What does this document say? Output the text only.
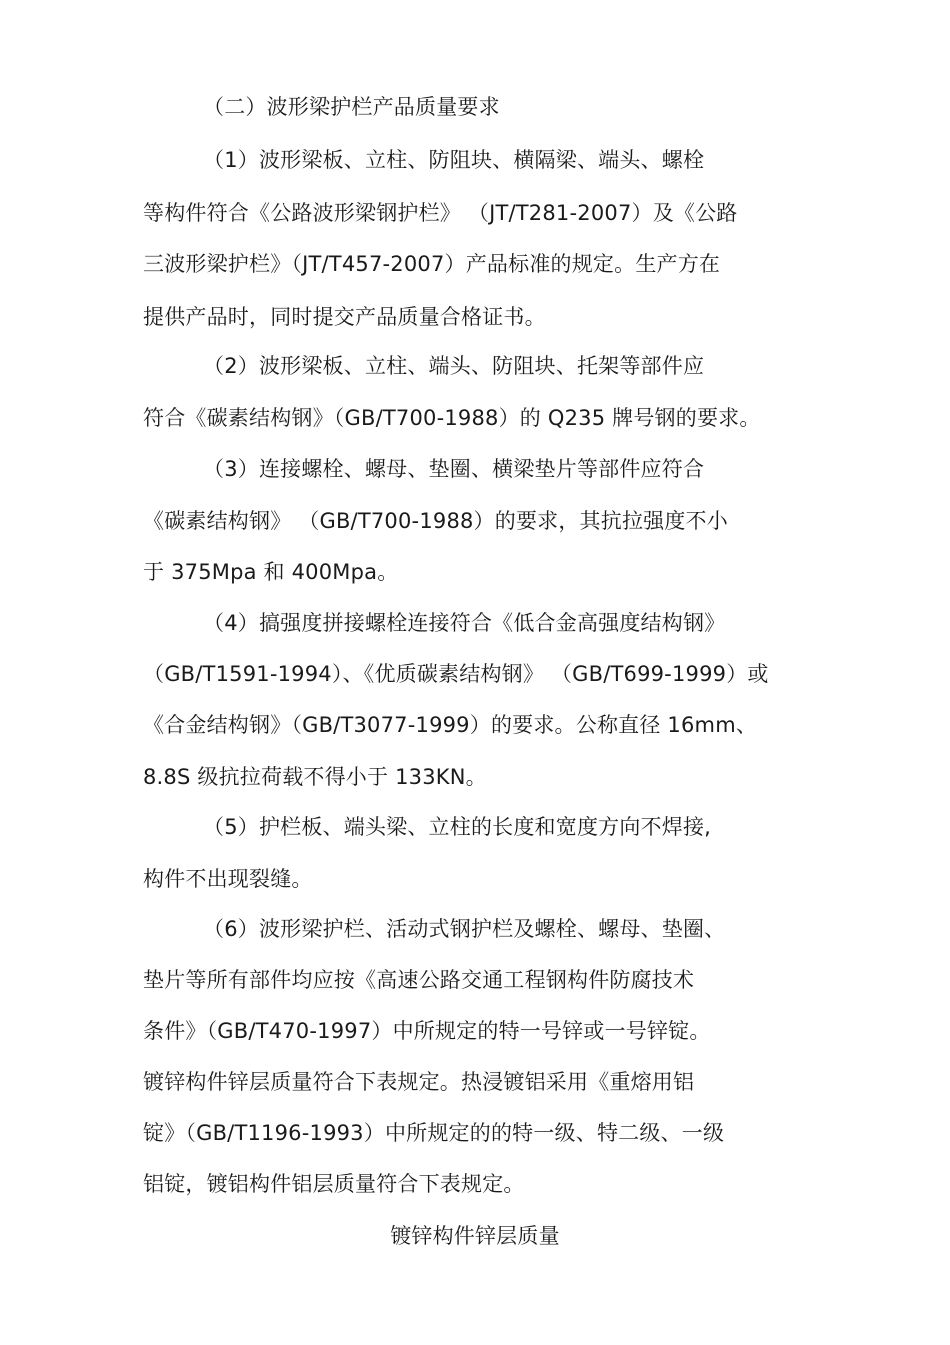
（二）波形梁护栏产品质量要求
（1）波形梁板、立柱、防阻块、横隔梁、端头、螺栓
等构件符合《公路波形梁钢护栏》 （JT/T281-2007）及《公路
三波形梁护栏》（JT/T457-2007）产品标准的规定。生产方在
提供产品时，同时提交产品质量合格证书。
（2）波形梁板、立柱、端头、防阻块、托架等部件应
符合《碳素结构钢》（GB/T700-1988）的 Q235 牌号钢的要求。
（3）连接螺栓、螺母、垫圈、横梁垫片等部件应符合
《碳素结构钢》 （GB/T700-1988）的要求，其抗拉强度不小
于 375Mpa 和 400Mpa。
（4）搞强度拼接螺栓连接符合《低合金高强度结构钢》
（GB/T1591-1994）、《优质碳素结构钢》 （GB/T699-1999）或
《合金结构钢》（GB/T3077-1999）的要求。公称直径 16mm、
8.8S 级抗拉荷载不得小于 133KN。
（5）护栏板、端头梁、立柱的长度和宽度方向不焊接,
构件不出现裂缝。
（6）波形梁护栏、活动式钢护栏及螺栓、螺母、垫圈、
垫片等所有部件均应按《高速公路交通工程钢构件防腐技术
条件》（GB/T470-1997）中所规定的特一号锌或一号锌锭。
镀锌构件锌层质量符合下表规定。热浸镀铝采用《重熔用铝
锭》（GB/T1196-1993）中所规定的的特一级、特二级、一级
铝锭，镀铝构件铝层质量符合下表规定。
镀锌构件锌层质量
